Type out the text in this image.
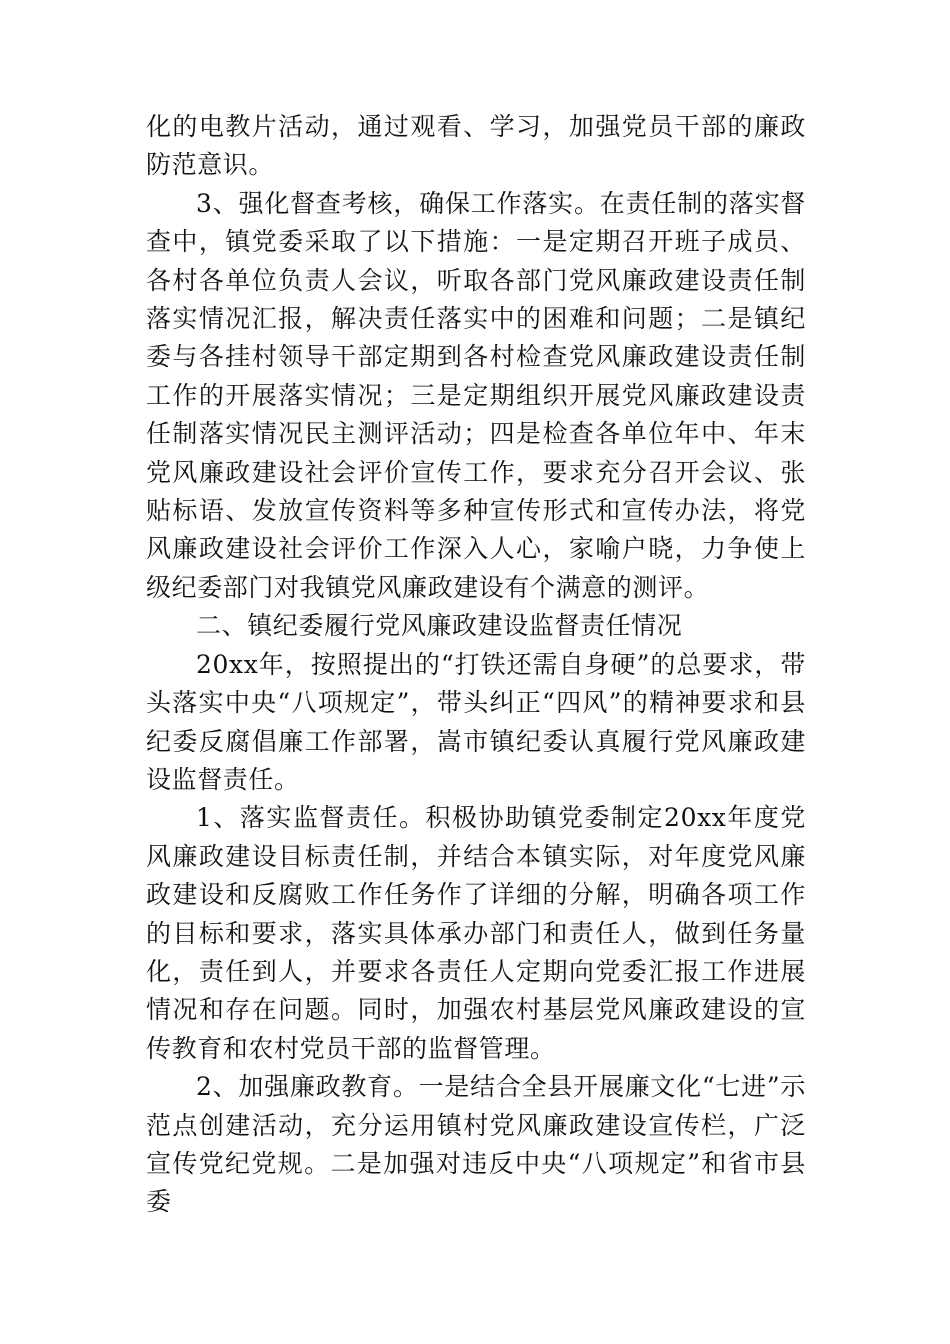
化的电教片活动，通过观看、学习，加强党员干部的廉政防范意识。

3、强化督查考核，确保工作落实。在责任制的落实督查中，镇党委采取了以下措施：一是定期召开班子成员、各村各单位负责人会议，听取各部门党风廉政建设责任制落实情况汇报，解决责任落实中的困难和问题；二是镇纪委与各挂村领导干部定期到各村检查党风廉政建设责任制工作的开展落实情况；三是定期组织开展党风廉政建设责任制落实情况民主测评活动；四是检查各单位年中、年末党风廉政建设社会评价宣传工作，要求充分召开会议、张贴标语、发放宣传资料等多种宣传形式和宣传办法，将党风廉政建设社会评价工作深入人心，家喻户晓，力争使上级纪委部门对我镇党风廉政建设有个满意的测评。

二、镇纪委履行党风廉政建设监督责任情况

20xx年，按照提出的“打铁还需自身硬”的总要求，带头落实中央“八项规定”，带头纠正“四风”的精神要求和县纪委反腐倡廉工作部署，嵩市镇纪委认真履行党风廉政建设监督责任。

1、落实监督责任。积极协助镇党委制定20xx年度党风廉政建设目标责任制，并结合本镇实际，对年度党风廉政建设和反腐败工作任务作了详细的分解，明确各项工作的目标和要求，落实具体承办部门和责任人，做到任务量化，责任到人，并要求各责任人定期向党委汇报工作进展情况和存在问题。同时，加强农村基层党风廉政建设的宣传教育和农村党员干部的监督管理。

2、加强廉政教育。一是结合全县开展廉文化“七进”示范点创建活动，充分运用镇村党风廉政建设宣传栏，广泛宣传党纪党规。二是加强对违反中央“八项规定”和省市县委
